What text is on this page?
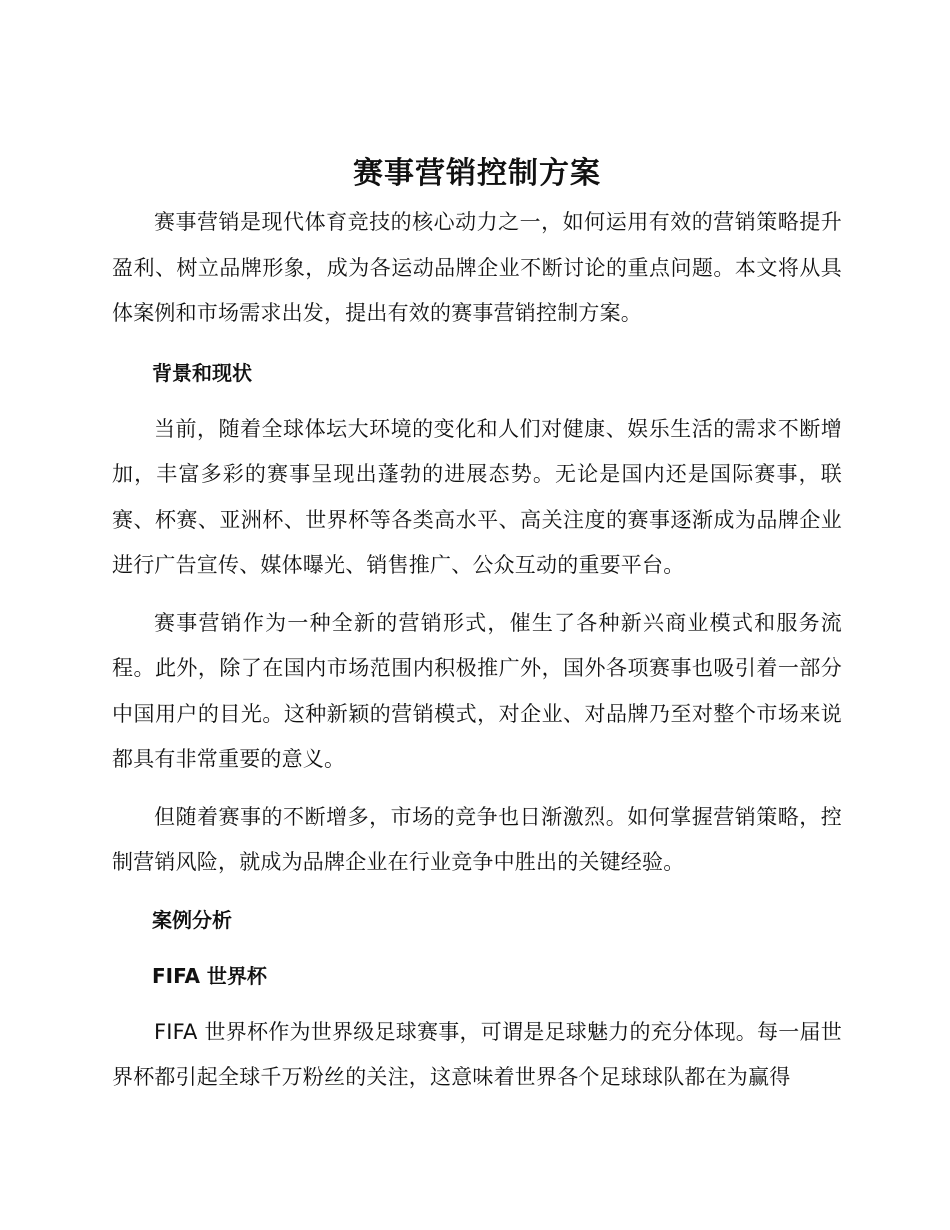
赛事营销控制方案

赛事营销是现代体育竞技的核心动力之一，如何运用有效的营销策略提升盈利、树立品牌形象，成为各运动品牌企业不断讨论的重点问题。本文将从具体案例和市场需求出发，提出有效的赛事营销控制方案。

背景和现状

当前，随着全球体坛大环境的变化和人们对健康、娱乐生活的需求不断增加，丰富多彩的赛事呈现出蓬勃的进展态势。无论是国内还是国际赛事，联赛、杯赛、亚洲杯、世界杯等各类高水平、高关注度的赛事逐渐成为品牌企业进行广告宣传、媒体曝光、销售推广、公众互动的重要平台。

赛事营销作为一种全新的营销形式，催生了各种新兴商业模式和服务流程。此外，除了在国内市场范围内积极推广外，国外各项赛事也吸引着一部分中国用户的目光。这种新颖的营销模式，对企业、对品牌乃至对整个市场来说都具有非常重要的意义。

但随着赛事的不断增多，市场的竞争也日渐激烈。如何掌握营销策略，控制营销风险，就成为品牌企业在行业竞争中胜出的关键经验。

案例分析
FIFA 世界杯

FIFA 世界杯作为世界级足球赛事，可谓是足球魅力的充分体现。每一届世界杯都引起全球千万粉丝的关注，这意味着世界各个足球球队都在为赢得
